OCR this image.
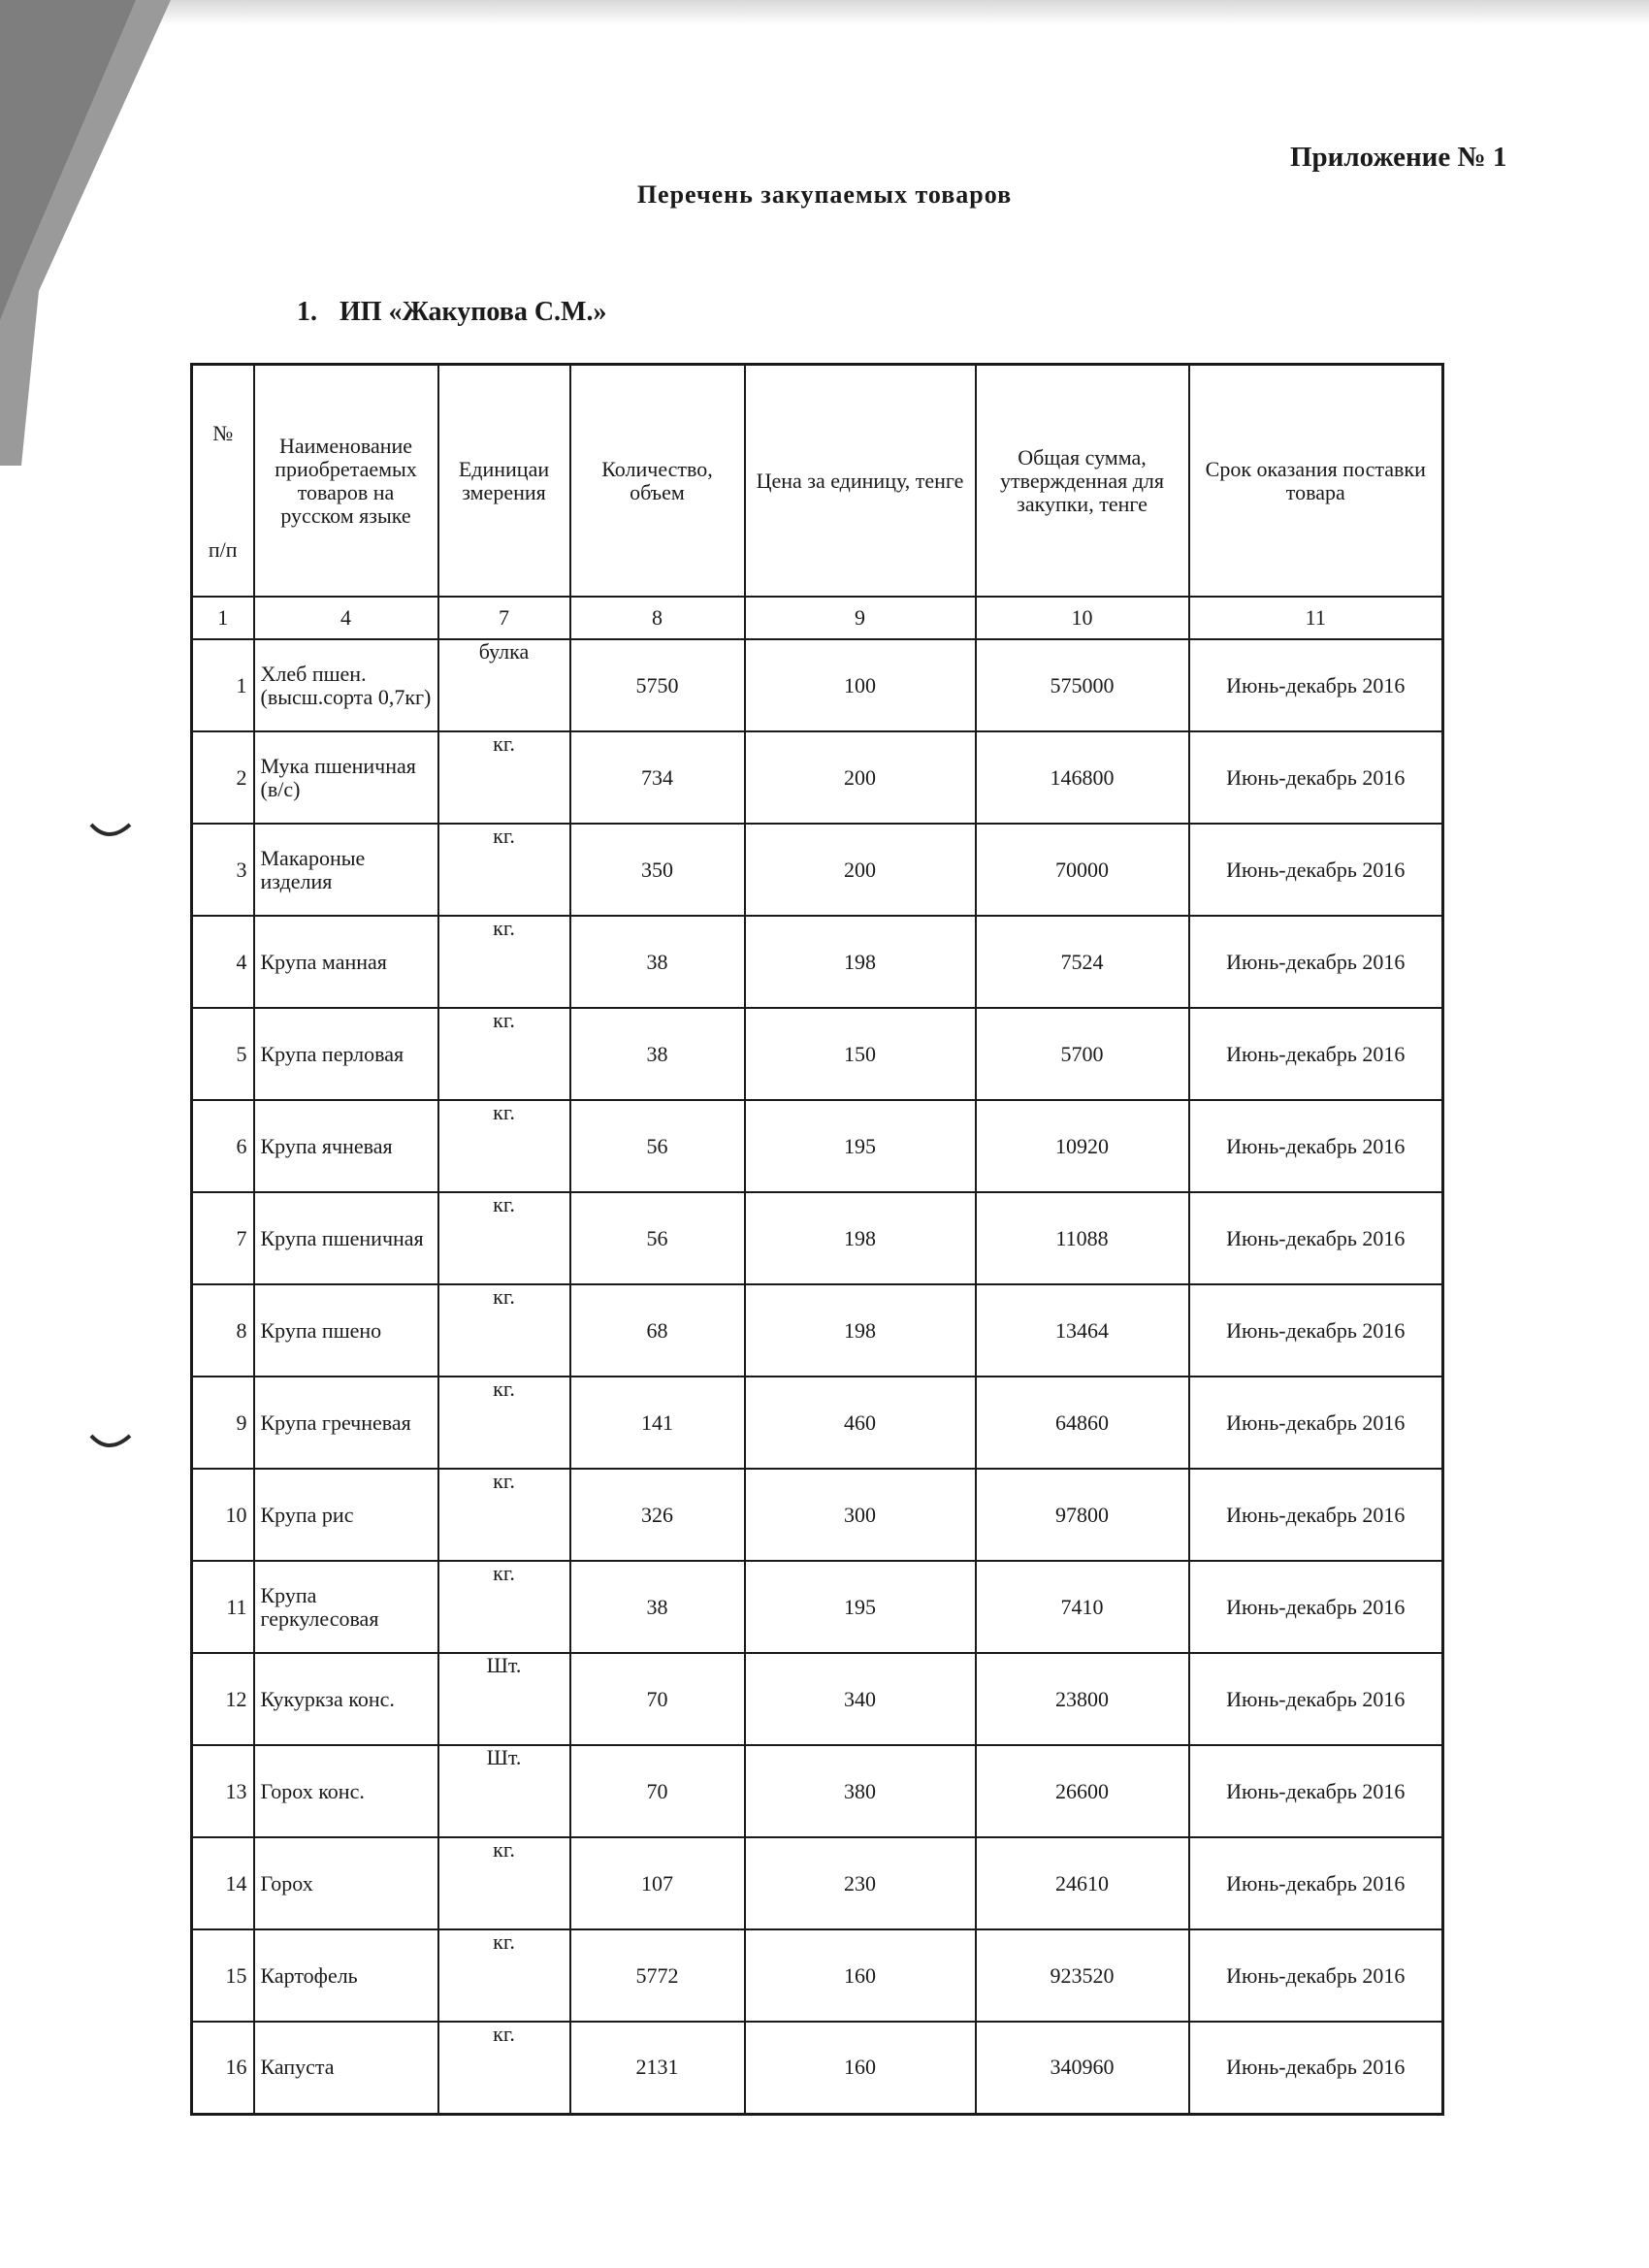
Приложение № 1
Перечень закупаемых товаров
1. ИП «Жакупова С.М.»
№
п/п	Наименование приобретаемых товаров на русском языке	Единицаи змерения	Количество, объем	Цена за единицу, тенге	Общая сумма, утвержденная для закупки, тенге	Срок оказания поставки товара
1	4	7	8	9	10	11
1	Хлеб пшен. (высш.сорта 0,7кг)	булка	5750	100	575000	Июнь-декабрь 2016
2	Мука пшеничная (в/с)	кг.	734	200	146800	Июнь-декабрь 2016
3	Макароные изделия	кг.	350	200	70000	Июнь-декабрь 2016
4	Крупа манная	кг.	38	198	7524	Июнь-декабрь 2016
5	Крупа перловая	кг.	38	150	5700	Июнь-декабрь 2016
6	Крупа ячневая	кг.	56	195	10920	Июнь-декабрь 2016
7	Крупа пшеничная	кг.	56	198	11088	Июнь-декабрь 2016
8	Крупа пшено	кг.	68	198	13464	Июнь-декабрь 2016
9	Крупа гречневая	кг.	141	460	64860	Июнь-декабрь 2016
10	Крупа рис	кг.	326	300	97800	Июнь-декабрь 2016
11	Крупа геркулесовая	кг.	38	195	7410	Июнь-декабрь 2016
12	Кукуркза конс.	Шт.	70	340	23800	Июнь-декабрь 2016
13	Горох конс.	Шт.	70	380	26600	Июнь-декабрь 2016
14	Горох	кг.	107	230	24610	Июнь-декабрь 2016
15	Картофель	кг.	5772	160	923520	Июнь-декабрь 2016
16	Капуста	кг.	2131	160	340960	Июнь-декабрь 2016
